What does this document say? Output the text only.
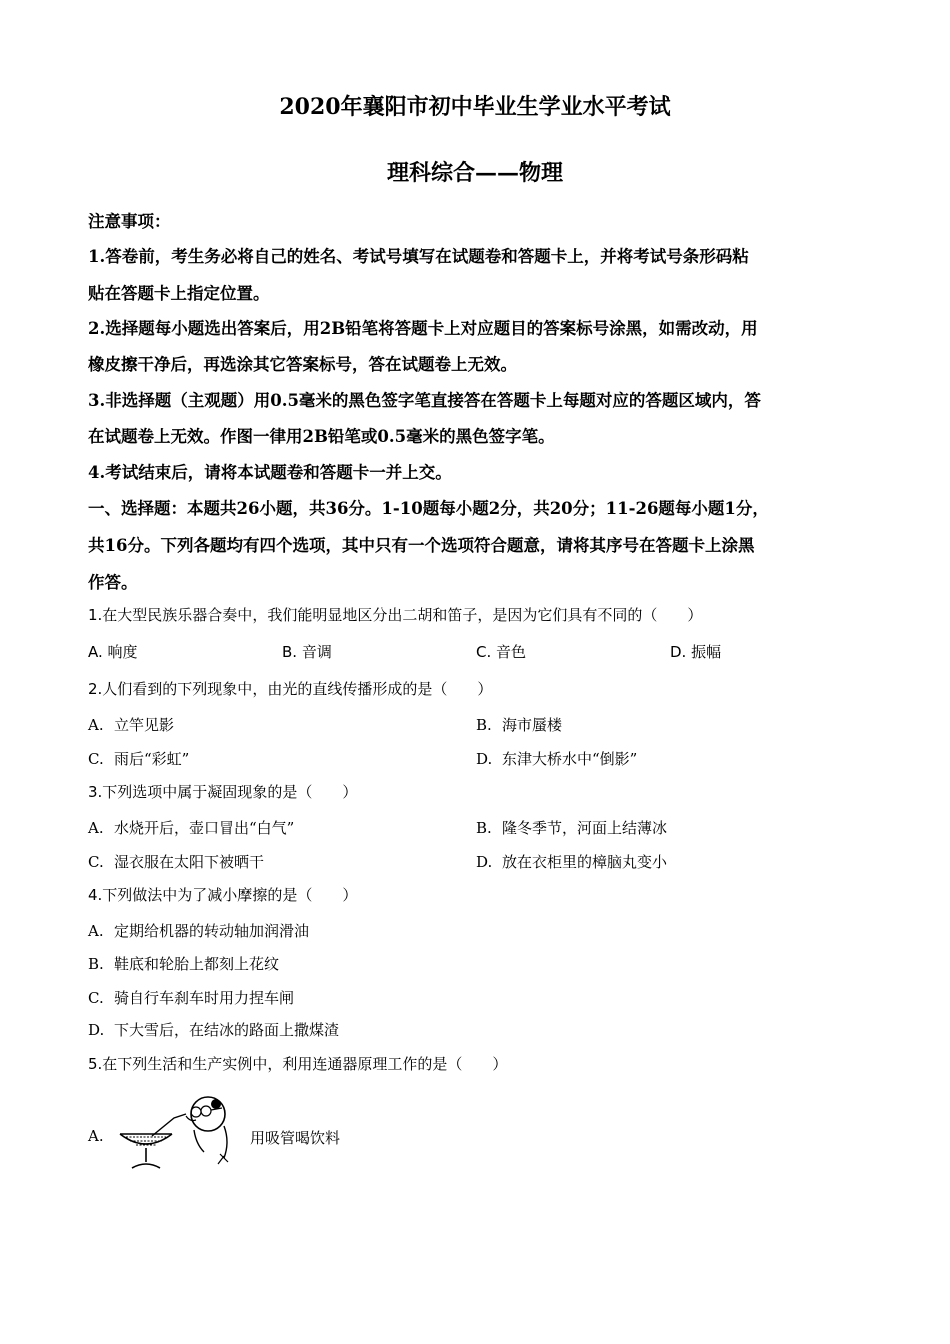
2020年襄阳市初中毕业生学业水平考试
理科综合——物理
注意事项：
1.答卷前，考生务必将自己的姓名、考试号填写在试题卷和答题卡上，并将考试号条形码粘
贴在答题卡上指定位置。
2.选择题每小题选出答案后，用2B铅笔将答题卡上对应题目的答案标号涂黑，如需改动，用
橡皮擦干净后，再选涂其它答案标号，答在试题卷上无效。
3.非选择题（主观题）用0.5毫米的黑色签字笔直接答在答题卡上每题对应的答题区域内，答
在试题卷上无效。作图一律用2B铅笔或0.5毫米的黑色签字笔。
4.考试结束后，请将本试题卷和答题卡一并上交。
一、选择题：本题共26小题，共36分。1-10题每小题2分，共20分；11-26题每小题1分，
共16分。下列各题均有四个选项，其中只有一个选项符合题意，请将其序号在答题卡上涂黑
作答。
1.在大型民族乐器合奏中，我们能明显地区分出二胡和笛子，是因为它们具有不同的（　　）
A. 响度	B. 音调	C. 音色	D. 振幅
2.人们看到的下列现象中，由光的直线传播形成的是（　　）
A. 立竿见影	B. 海市蜃楼
C. 雨后“彩虹”	D. 东津大桥水中“倒影”
3.下列选项中属于凝固现象的是（　　）
A. 水烧开后，壶口冒出“白气”	B. 隆冬季节，河面上结薄冰
C. 湿衣服在太阳下被晒干	D. 放在衣柜里的樟脑丸变小
4.下列做法中为了减小摩擦的是（　　）
A. 定期给机器的转动轴加润滑油
B. 鞋底和轮胎上都刻上花纹
C. 骑自行车刹车时用力捏车闸
D. 下大雪后，在结冰的路面上撒煤渣
5.在下列生活和生产实例中，利用连通器原理工作的是（　　）
A.	用吸管喝饮料
